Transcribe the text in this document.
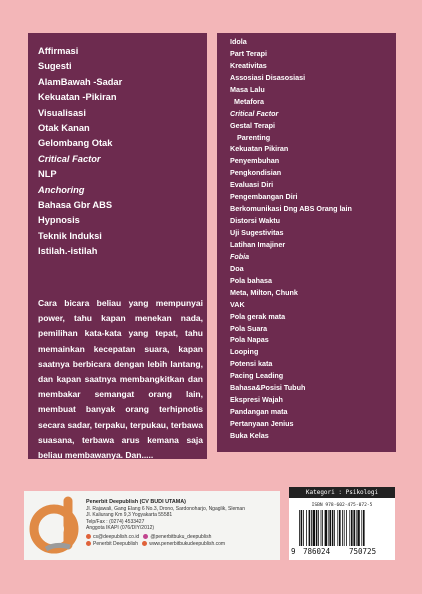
Affirmasi
Sugesti
AlamBawah -Sadar
Kekuatan -Pikiran
Visualisasi
Otak Kanan
Gelombang Otak
Critical Factor
NLP
Anchoring
Bahasa Gbr ABS
Hypnosis
Teknik Induksi
Istilah.-istilah

Cara bicara beliau yang mempunyai power, tahu kapan menekan nada, pemilihan kata-kata yang tepat, tahu memainkan kecepatan suara, kapan saatnya berbicara dengan lebih lantang, dan kapan saatnya membangkitkan dan membakar semangat orang lain, membuat banyak orang terhipnotis secara sadar, terpaku, terpukau, terbawa suasana, terbawa arus kemana saja beliau membawanya. Dan.....

Idola
Part Terapi
Kreativitas
Assosiasi Disasosiasi
Masa Lalu
Metafora
Critical Factor
Gestal Terapi
Parenting
Kekuatan Pikiran
Penyembuhan
Pengkondisian
Evaluasi Diri
Pengembangan Diri
Berkomunikasi Dng ABS Orang lain
Distorsi Waktu
Uji Sugestivitas
Latihan Imajiner
Fobia
Doa
Pola bahasa
Meta, Milton, Chunk
VAK
Pola gerak mata
Pola Suara
Pola Napas
Looping
Potensi kata
Pacing Leading
Bahasa&Posisi Tubuh
Ekspresi Wajah
Pandangan mata
Pertanyaan Jenius
Buka Kelas
Penerbit Deepublish (CV BUDI UTAMA)
Jl. Rajawali, Gang Elang 6 No.3, Drono, Sardonoharjo, Ngaglik, Sleman
Jl. Kaliurang Km 9,3 Yogyakarta 55581
Telp/Fax : (0274) 4533427
Anggota IKAPI (076/DIY/2012)
cs@deepublish.co.id @penerbitbuku_deepublish
Penerbit Deepublish www.penerbitbukudeepublish.com
Kategori : Psikologi
ISBN 978-602-475-072-5
9 786024	750725
